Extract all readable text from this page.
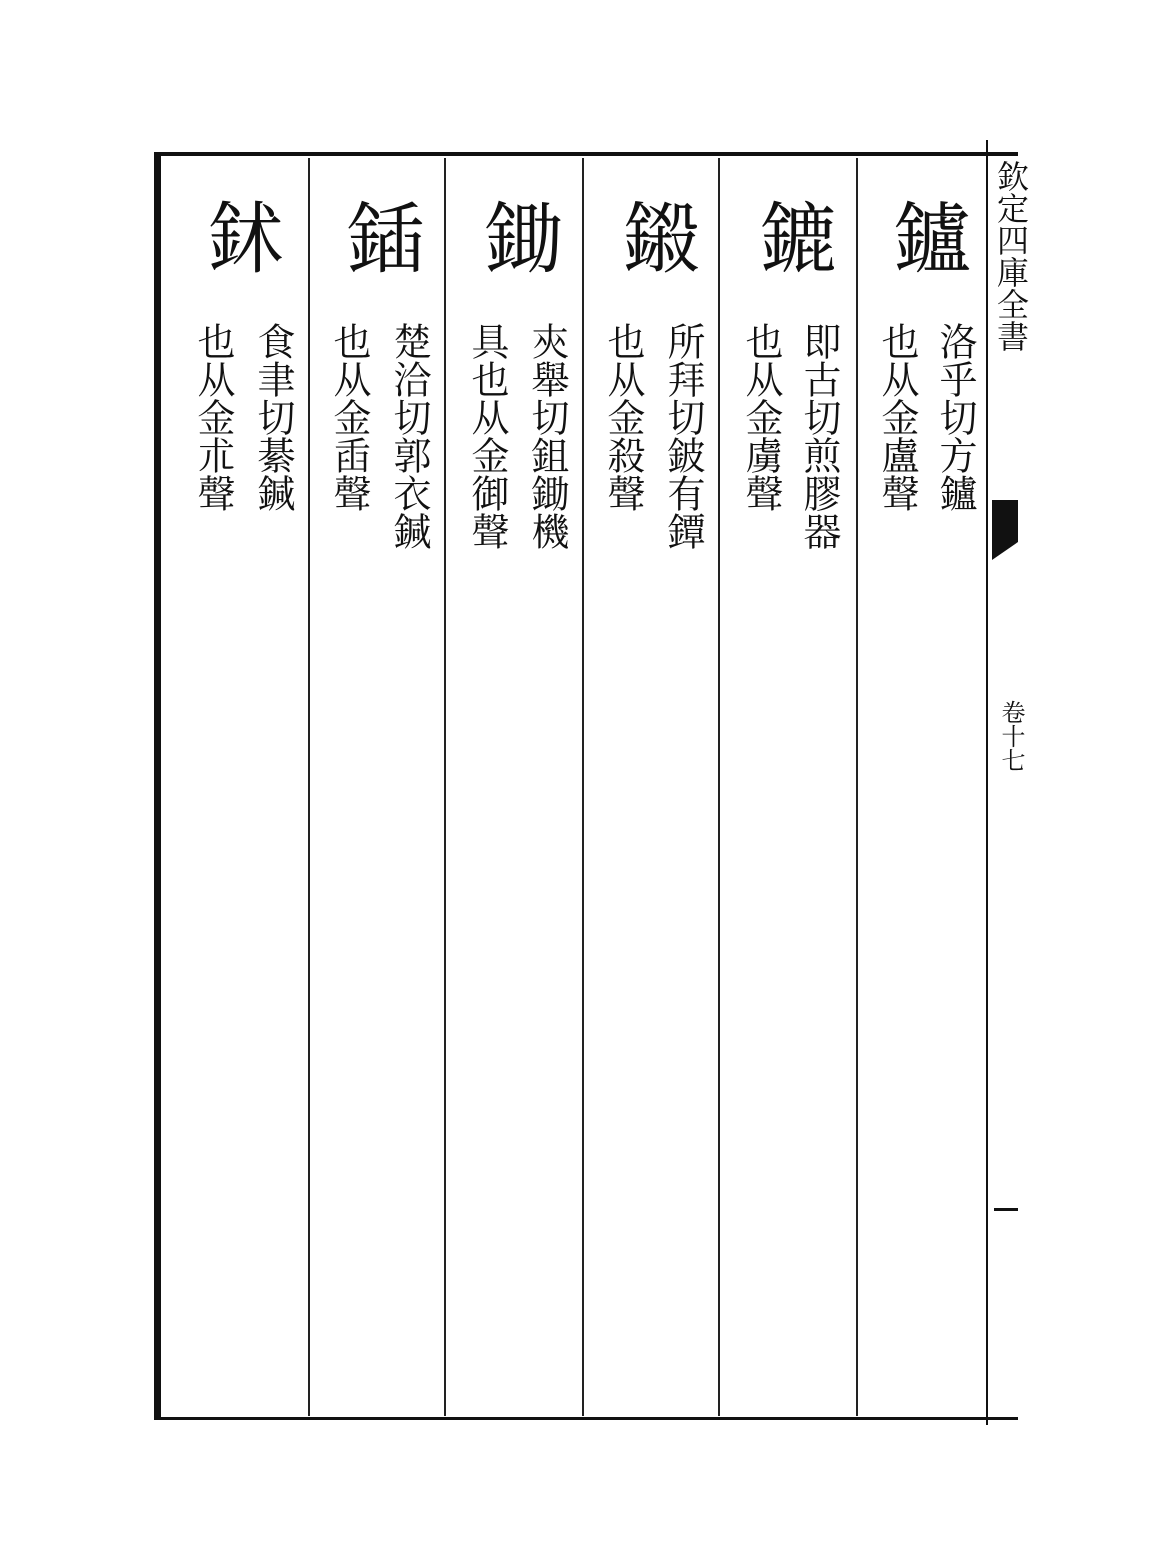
鑪
洛乎切方鑪
也从金盧聲
鏕
即古切煎膠器
也从金虜聲
鎩
所拜切鈹有鐔
也从金殺聲
鋤
㚒舉切鉏鋤機
具也从金御聲
鍤
楚洽切郭衣鍼
也从金臿聲
鉥
食聿切綦鍼
也从金朮聲
欽定四庫全書
卷十七
